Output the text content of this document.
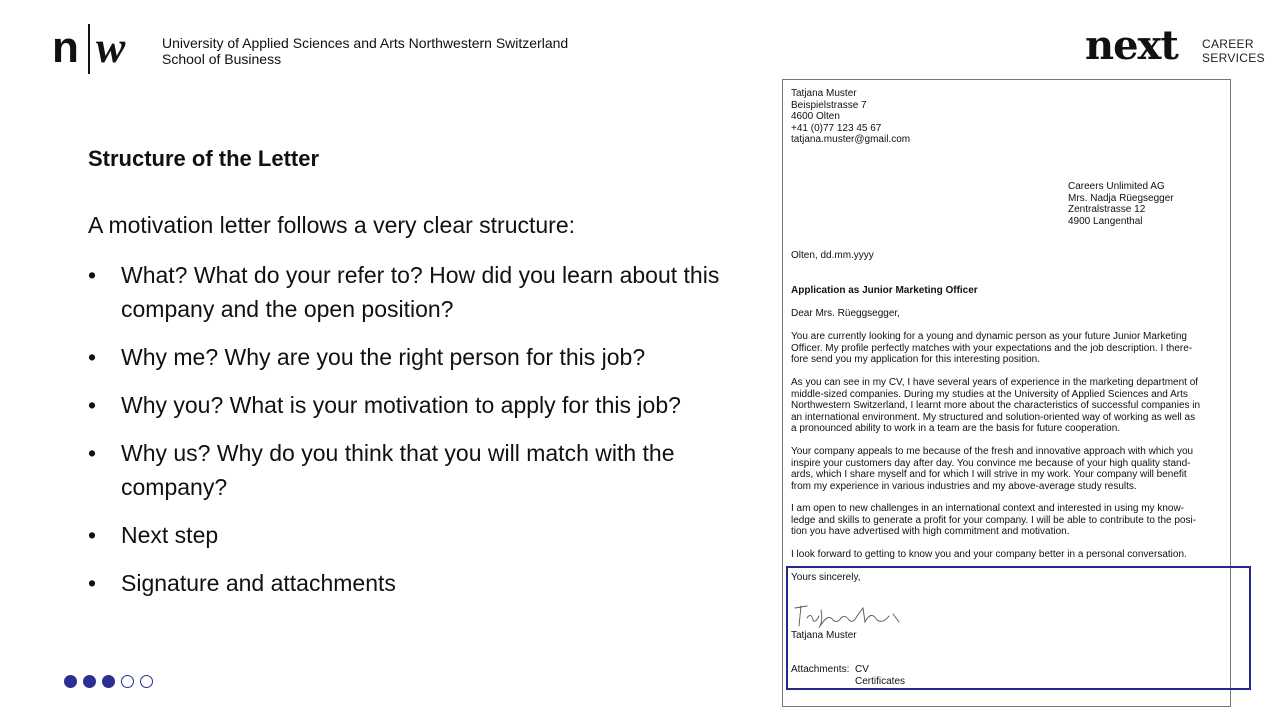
n w	University of Applied Sciences and Arts Northwestern Switzerland
School of Business	next CAREER
SERVICES
Structure of the Letter
A motivation letter follows a very clear structure:
• What? What do your refer to? How did you learn about this company and the open position?
• Why me? Why are you the right person for this job?
• Why you? What is your motivation to apply for this job?
• Why us? Why do you think that you will match with the company?
• Next step
• Signature and attachments
Tatjana Muster
Beispielstrasse 7
4600 Olten
+41 (0)77 123 45 67
tatjana.muster@gmail.com
Careers Unlimited AG
Mrs. Nadja Rüegsegger
Zentralstrasse 12
4900 Langenthal
Olten, dd.mm.yyyy
Application as Junior Marketing Officer
Dear Mrs. Rüeggsegger,
You are currently looking for a young and dynamic person as your future Junior Marketing
Officer. My profile perfectly matches with your expectations and the job description. I there-
fore send you my application for this interesting position.
As you can see in my CV, I have several years of experience in the marketing department of
middle-sized companies. During my studies at the University of Applied Sciences and Arts
Northwestern Switzerland, I learnt more about the characteristics of successful companies in
an international environment. My structured and solution-oriented way of working as well as
a pronounced ability to work in a team are the basis for future cooperation.
Your company appeals to me because of the fresh and innovative approach with which you
inspire your customers day after day. You convince me because of your high quality stand-
ards, which I share myself and for which I will strive in my work. Your company will benefit
from my experience in various industries and my above-average study results.
I am open to new challenges in an international context and interested in using my know-
ledge and skills to generate a profit for your company. I will be able to contribute to the posi-
tion you have advertised with high commitment and motivation.
I look forward to getting to know you and your company better in a personal conversation.
Yours sincerely,
Tatjana Muster
Attachments: CV
Certificates
